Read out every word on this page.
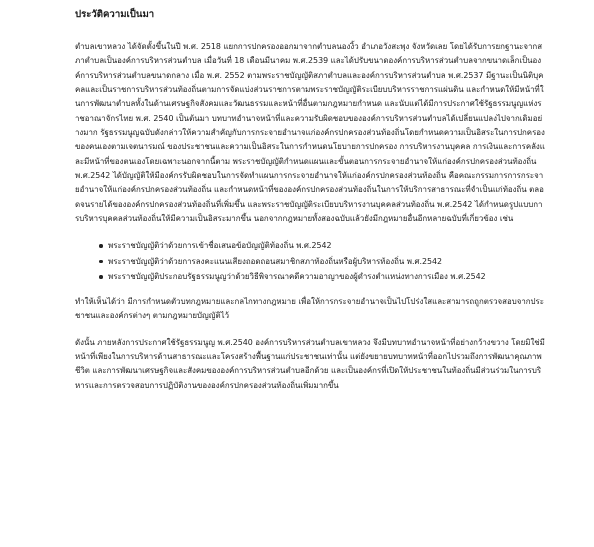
ประวัติความเป็นมา

ตำบลเขาหลวง ได้จัดตั้งขึ้นในปี พ.ศ. 2518 แยกการปกครองออกมาจากตำบลนองงิ้ว อำเภอวังสะพุง จังหวัดเลย โดยได้รับการยกฐานะจากสภาตำบลเป็นองค์การบริหารส่วนตำบล เมื่อวันที่ 18 เดือนมีนาคม พ.ศ.2539 และได้ปรับขนาดองค์การบริหารส่วนตำบลจากขนาดเล็กเป็นองค์การบริหารส่วนตำบลขนาดกลาง เมื่อ พ.ศ. 2552 ตามพระราชบัญญัติสภาตำบลและองค์การบริหารส่วนตำบล พ.ศ.2537 มีฐานะเป็นนิติบุคคลและเป็นราชการบริหารส่วนท้องถิ่นตามการจัดแบ่งส่วนราชการตามพระราชบัญญัติระเบียบบริหารราชการแผ่นดิน และกำหนดให้มีหน้าที่ในการพัฒนาตำบลทั้งในด้านเศรษฐกิจสังคมและวัฒนธรรมและหน้าที่อื่นตามกฎหมายกำหนด และนับแต่ได้มีการประกาศใช้รัฐธรรมนูญแห่งราชอาณาจักรไทย พ.ศ. 2540 เป็นต้นมา บทบาทอำนาจหน้าที่และความรับผิดชอบขององค์การบริหารส่วนตำบลได้เปลี่ยนแปลงไปจากเดิมอย่างมาก รัฐธรรมนูญฉบับดังกล่าวให้ความสำคัญกับการกระจายอำนาจแก่องค์กรปกครองส่วนท้องถิ่นโดยกำหนดความเป็นอิสระในการปกครองของคนเองตามเจตนารมณ์ ของประชาชนและความเป็นอิสระในการกำหนดนโยบายการปกครอง การบริหารงานบุคคล การเงินและการคลังและมีหน้าที่ของตนเองโดยเฉพาะนอกจากนี้ตาม พระราชบัญญัติกำหนดแผนและขั้นตอนการกระจายอำนาจให้แก่องค์กรปกครองส่วนท้องถิ่น พ.ศ.2542 ได้บัญญัติให้มีองค์กรรับผิดชอบในการจัดทำแผนการกระจายอำนาจให้แก่องค์กรปกครองส่วนท้องถิ่น คือคณะกรรมการการกระจายอำนาจให้แก่องค์กรปกครองส่วนท้องถิ่น และกำหนดหน้าที่ขององค์กรปกครองส่วนท้องถิ่นในการให้บริการสาธารณะที่จำเป็นแก่ท้องถิ่น ตลอดจนรายได้ขององค์กรปกครองส่วนท้องถิ่นที่เพิ่มขึ้น และพระราชบัญญัติระเบียบบริหารงานบุคคลส่วนท้องถิ่น พ.ศ.2542 ได้กำหนดรูปแบบการบริหารบุคคลส่วนท้องถิ่นให้มีความเป็นอิสระมากขึ้น นอกจากกฎหมายทั้งสองฉบับแล้วยังมีกฎหมายอื่นอีกหลายฉบับที่เกี่ยวข้อง เช่น

พระราชบัญญัติว่าด้วยการเข้าชื่อเสนอข้อบัญญัติท้องถิ่น พ.ศ.2542
พระราชบัญญัติว่าด้วยการลงคะแนนเสียงถอดถอนสมาชิกสภาท้องถิ่นหรือผู้บริหารท้องถิ่น พ.ศ.2542
พระราชบัญญัติประกอบรัฐธรรมนูญว่าด้วยวิธีพิจารณาคดีความอาญาของผู้ดำรงตำแหน่งทางการเมือง พ.ศ.2542

ทำให้เห็นได้ว่า มีการกำหนดตัวบทกฎหมายและกลไกทางกฎหมาย เพื่อให้การกระจายอำนาจเป็นไปโปร่งใสและสามารถถูกตรวจสอบจากประชาชนและองค์กรต่างๆ ตามกฎหมายบัญญัติไว้

ดังนั้น ภายหลังการประกาศใช้รัฐธรรมนูญ พ.ศ.2540 องค์การบริหารส่วนตำบลเขาหลวง จึงมีบทบาทอำนาจหน้าที่อย่างกว้างขวาง โดยมิใช่มีหน้าที่เพียงในการบริหารด้านสาธารณะและโครงสร้างพื้นฐานแก่ประชาชนเท่านั้น แต่ยังขยายบทบาทหน้าที่ออกไปรวมถึงการพัฒนาคุณภาพชีวิต และการพัฒนาเศรษฐกิจและสังคมขององค์การบริหารส่วนตำบลอีกด้วย และเป็นองค์กรที่เปิดให้ประชาชนในท้องถิ่นมีส่วนร่วมในการบริหารและการตรวจสอบการปฏิบัติงานขององค์กรปกครองส่วนท้องถิ่นเพิ่มมากขึ้น
